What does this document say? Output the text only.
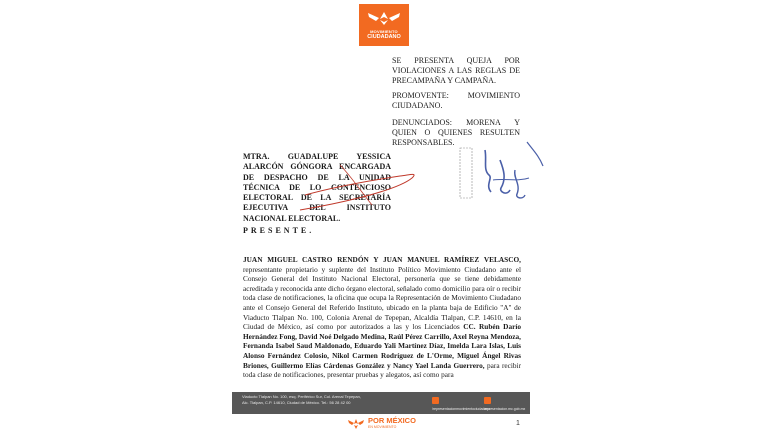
MOVIMIENTO
CIUDADANO
SE PRESENTA QUEJA POR VIOLACIONES A LAS REGLAS DE PRECAMPAÑA Y CAMPAÑA.
PROMOVENTE: MOVIMIENTO CIUDADANO.
DENUNCIADOS: MORENA Y QUIEN O QUIENES RESULTEN RESPONSABLES.
MTRA. GUADALUPE YESSICA ALARCÓN GÓNGORA ENCARGADA DE DESPACHO DE LA UNIDAD TÉCNICA DE LO CONTENCIOSO ELECTORAL DE LA SECRETARÍA EJECUTIVA DEL INSTITUTO NACIONAL ELECTORAL.
PRESENTE.
JUAN MIGUEL CASTRO RENDÓN Y JUAN MANUEL RAMÍREZ VELASCO, representante propietario y suplente del Instituto Político Movimiento Ciudadano ante el Consejo General del Instituto Nacional Electoral, personería que se tiene debidamente acreditada y reconocida ante dicho órgano electoral, señalado como domicilio para oír o recibir toda clase de notificaciones, la oficina que ocupa la Representación de Movimiento Ciudadano ante el Consejo General del Referido Instituto, ubicado en la planta baja de Edificio "A" de Viaducto Tlalpan No. 100, Colonia Arenal de Tepepan, Alcaldía Tlalpan, C.P. 14610, en la Ciudad de México, así como por autorizados a las y los Licenciados CC. Rubén Darío Hernández Fong, David Noé Delgado Medina, Raúl Pérez Carrillo, Axel Reyna Mendoza, Fernanda Isabel Saud Maldonado, Eduardo Yali Martínez Díaz, Imelda Lara Islas, Luis Alonso Fernández Colosio, Nikol Carmen Rodríguez de L'Orme, Miguel Ángel Rivas Briones, Guillermo Elías Cárdenas González y Nancy Yael Landa Guerrero, para recibir toda clase de notificaciones, presentar pruebas y alegatos, así como para
Viaducto Tlalpan No. 100, esq. Periférico Sur, Col. Arenal Tepepan,
Alc. Tlalpan, C.P. 14610, Ciudad de México. Tel.: 56 28 42 00
/representacionmovimientociudadano
representacion.mc.gob.mx
POR MÉXICO
EN MOVIMIENTO	1
